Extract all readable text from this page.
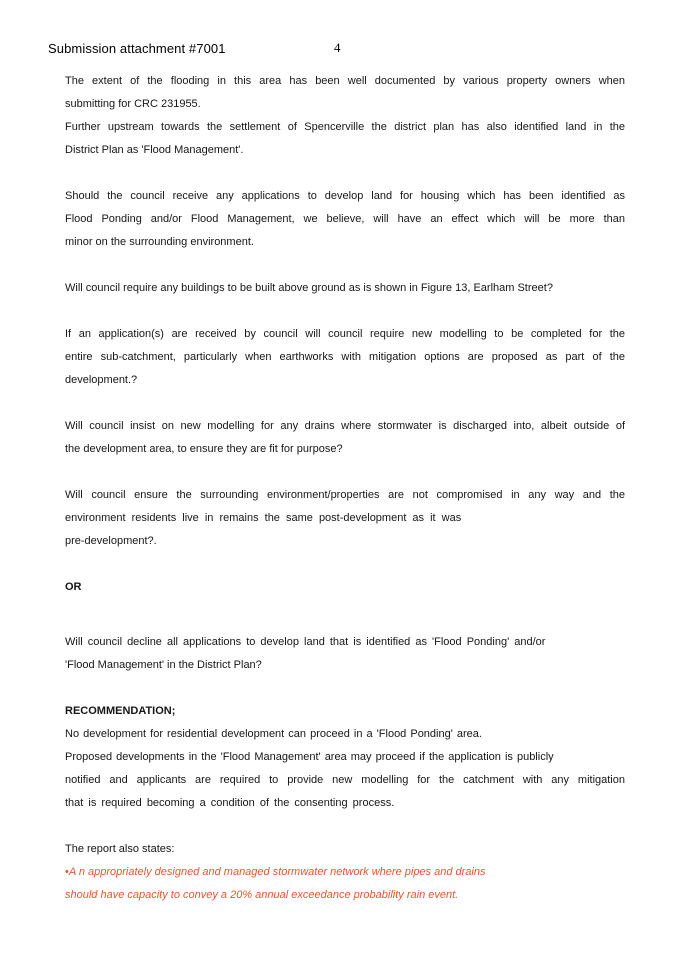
Submission attachment #7001	4
The extent of the flooding in this area has been well documented by various property owners when
submitting for CRC 231955.
Further upstream towards the settlement of Spencerville the district plan has also identified land in the
District Plan as 'Flood Management'.
Should the council receive any applications to develop land for housing which has been identified as
Flood Ponding and/or Flood Management, we believe, will have an effect which will be more than
minor on the surrounding environment.
Will council require any buildings to be built above ground as is shown in Figure 13, Earlham Street?
If an application(s) are received by council will council require new modelling to be completed for the
entire sub-catchment, particularly when earthworks with mitigation options are proposed as part of the
development.?
Will council insist on new modelling for any drains where stormwater is discharged into, albeit outside of
the development area, to ensure they are fit for purpose?
Will council ensure the surrounding environment/properties are not compromised in any way and the
environment residents live in remains the same post-development as it was
pre-development?.
OR
Will council decline all applications to develop land that is identified as 'Flood Ponding' and/or
'Flood Management' in the District Plan?
RECOMMENDATION;
No development for residential development can proceed in a 'Flood Ponding' area.
Proposed developments in the 'Flood Management' area may proceed if the application is publicly
notified and applicants are required to provide new modelling for the catchment with any mitigation
that is required becoming a condition of the consenting process.
The report also states:
•A n appropriately designed and managed stormwater network where pipes and drains
should have capacity to convey a 20% annual exceedance probability rain event.
